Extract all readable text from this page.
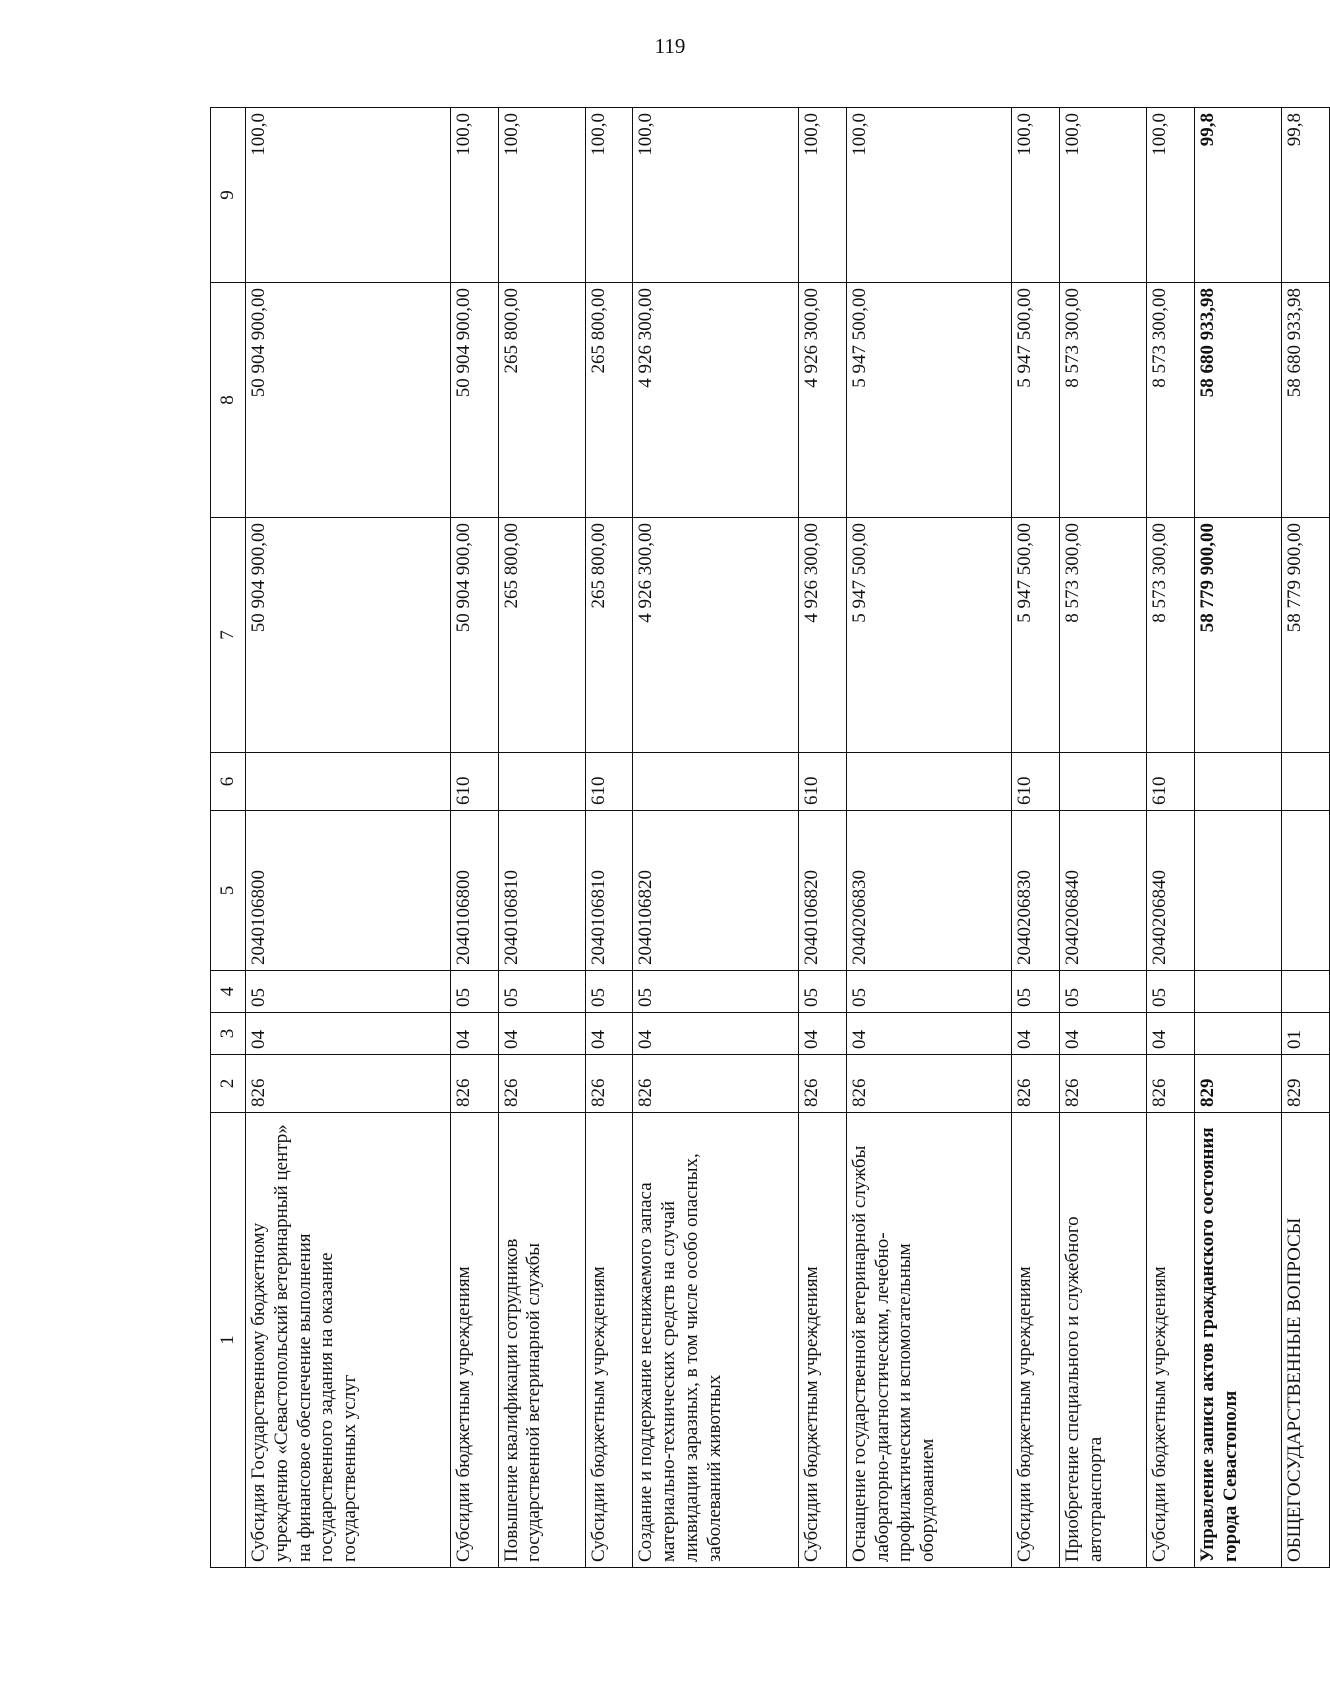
119
1	2	3	4	5	6	7	8	9
Субсидия Государственному бюджетному учреждению «Севастопольский ветеринарный центр» на финансовое обеспечение выполнения государственного задания на оказание государственных услуг	826	04	05	2040106800		50 904 900,00	50 904 900,00	100,0
Субсидии бюджетным учреждениям	826	04	05	2040106800	610	50 904 900,00	50 904 900,00	100,0
Повышение квалификации сотрудников государственной ветеринарной службы	826	04	05	2040106810		265 800,00	265 800,00	100,0
Субсидии бюджетным учреждениям	826	04	05	2040106810	610	265 800,00	265 800,00	100,0
Создание и поддержание неснижаемого запаса материально-технических средств на случай ликвидации заразных, в том числе особо опасных, заболеваний животных	826	04	05	2040106820		4 926 300,00	4 926 300,00	100,0
Субсидии бюджетным учреждениям	826	04	05	2040106820	610	4 926 300,00	4 926 300,00	100,0
Оснащение государственной ветеринарной службы лабораторно-диагностическим, лечебно-профилактическим и вспомогательным оборудованием	826	04	05	2040206830		5 947 500,00	5 947 500,00	100,0
Субсидии бюджетным учреждениям	826	04	05	2040206830	610	5 947 500,00	5 947 500,00	100,0
Приобретение специального и служебного автотранспорта	826	04	05	2040206840		8 573 300,00	8 573 300,00	100,0
Субсидии бюджетным учреждениям	826	04	05	2040206840	610	8 573 300,00	8 573 300,00	100,0
Управление записи актов гражданского состояния города Севастополя	829					58 779 900,00	58 680 933,98	99,8
ОБЩЕГОСУДАРСТВЕННЫЕ ВОПРОСЫ	829	01				58 779 900,00	58 680 933,98	99,8
